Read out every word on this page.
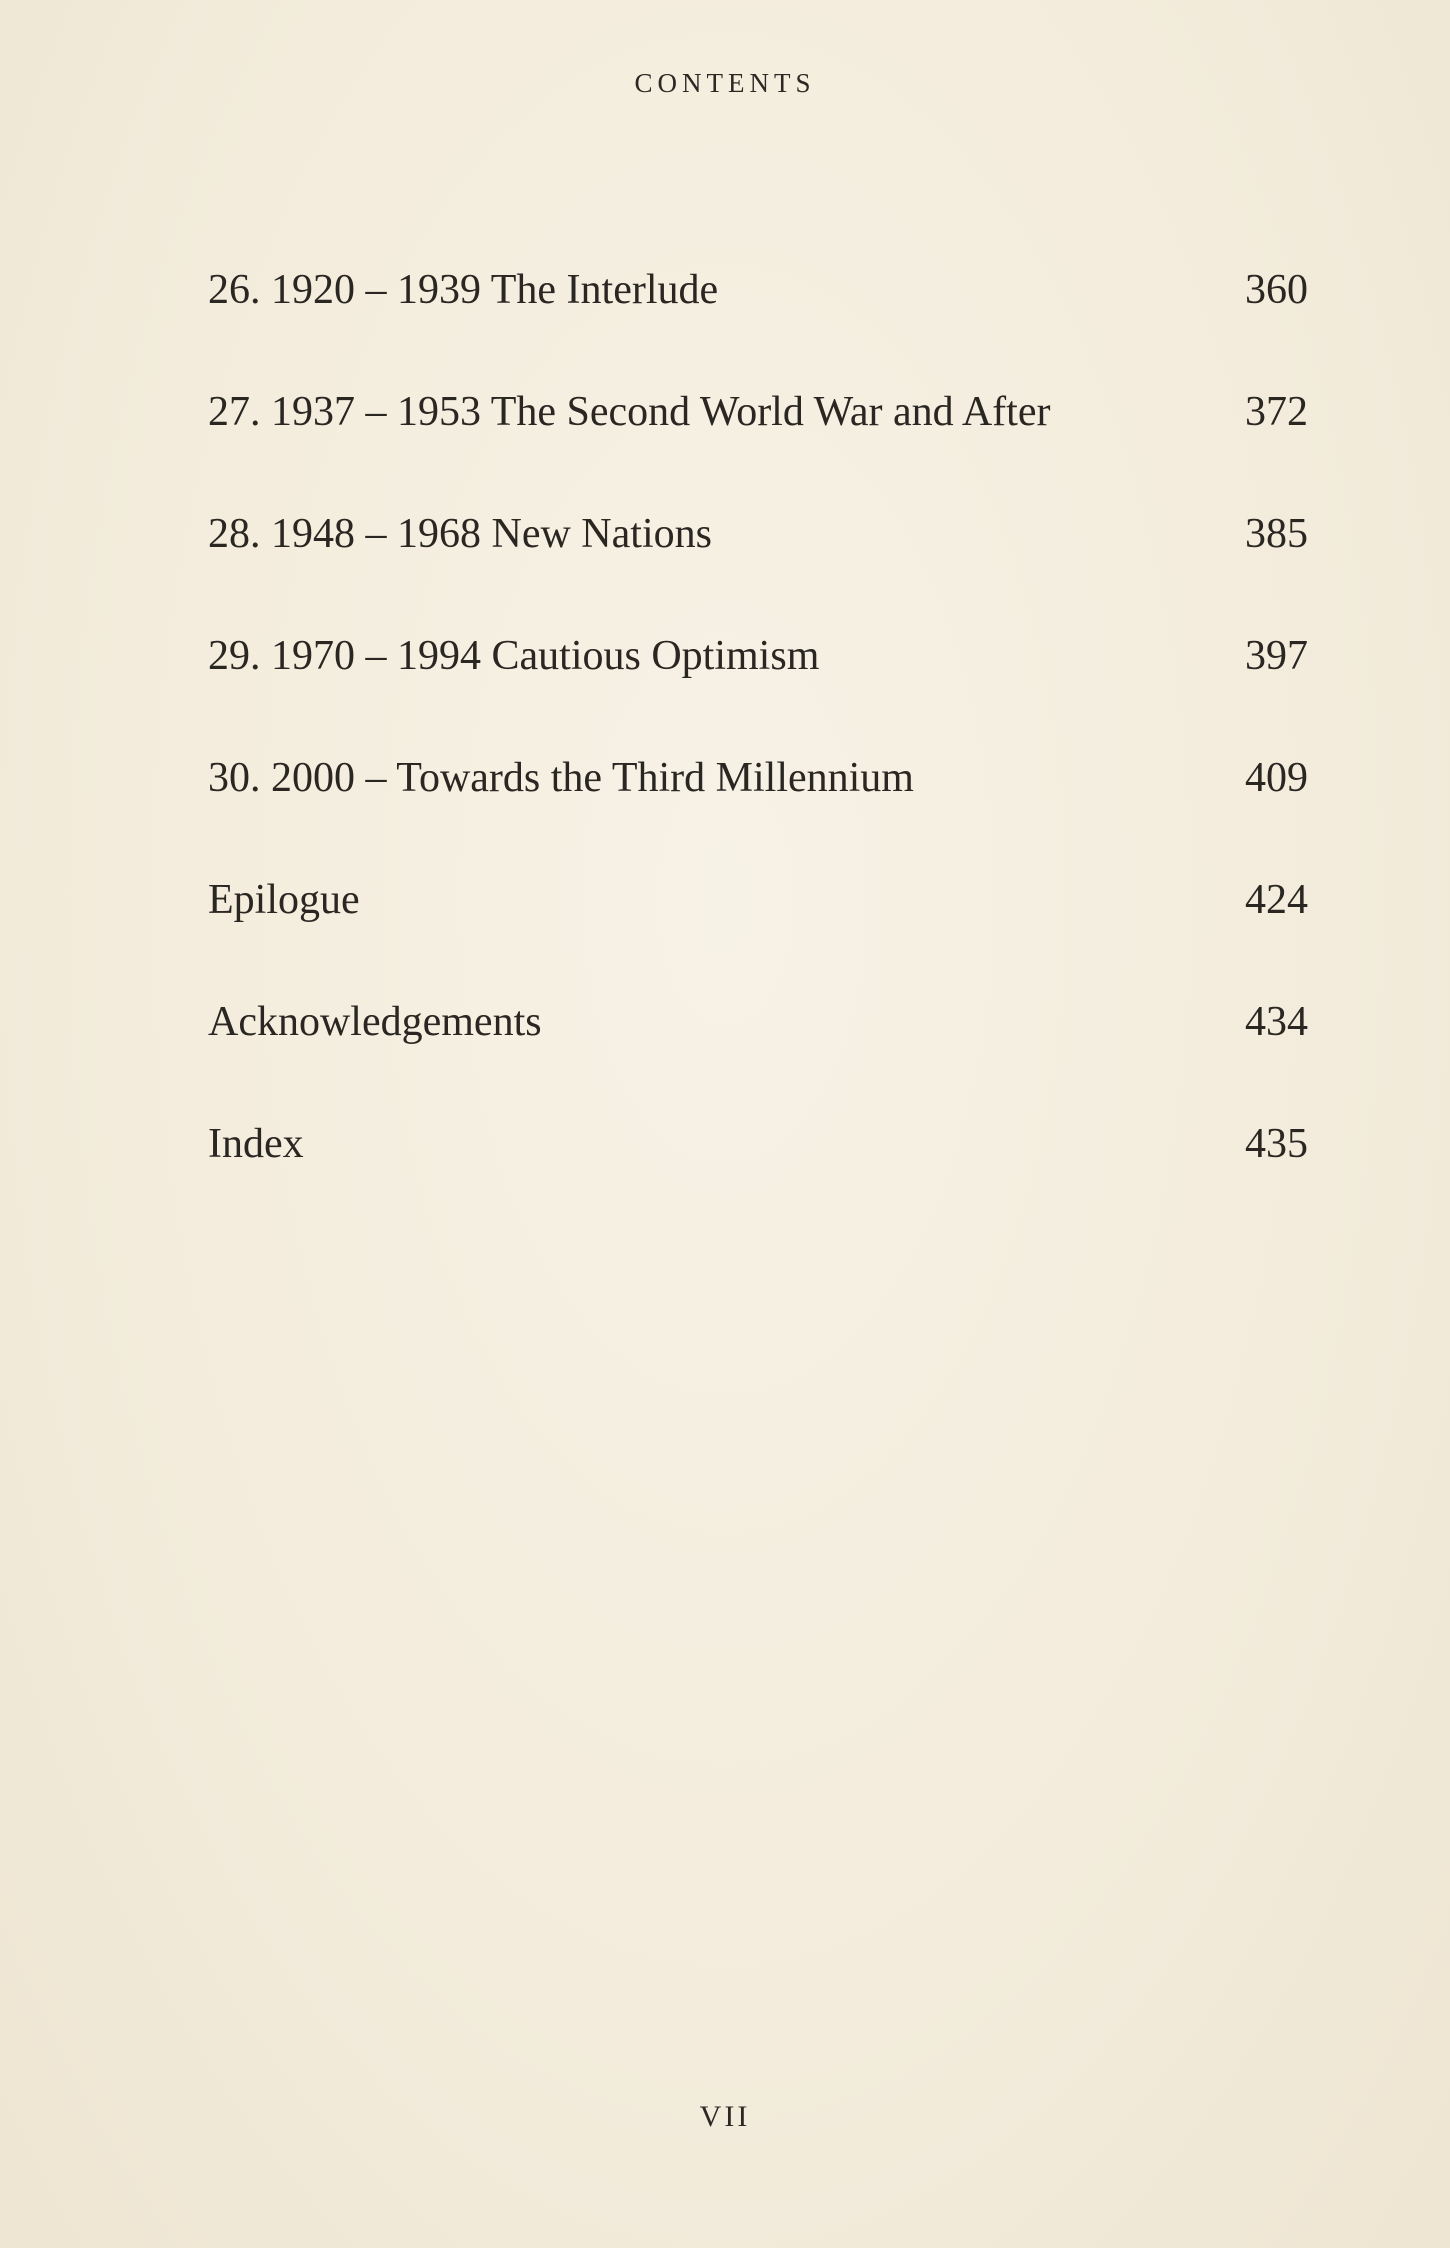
CONTENTS
26. 1920 – 1939 The Interlude	360
27. 1937 – 1953 The Second World War and After	372
28. 1948 – 1968 New Nations	385
29. 1970 – 1994 Cautious Optimism	397
30. 2000 – Towards the Third Millennium	409
Epilogue	424
Acknowledgements	434
Index	435
VII
